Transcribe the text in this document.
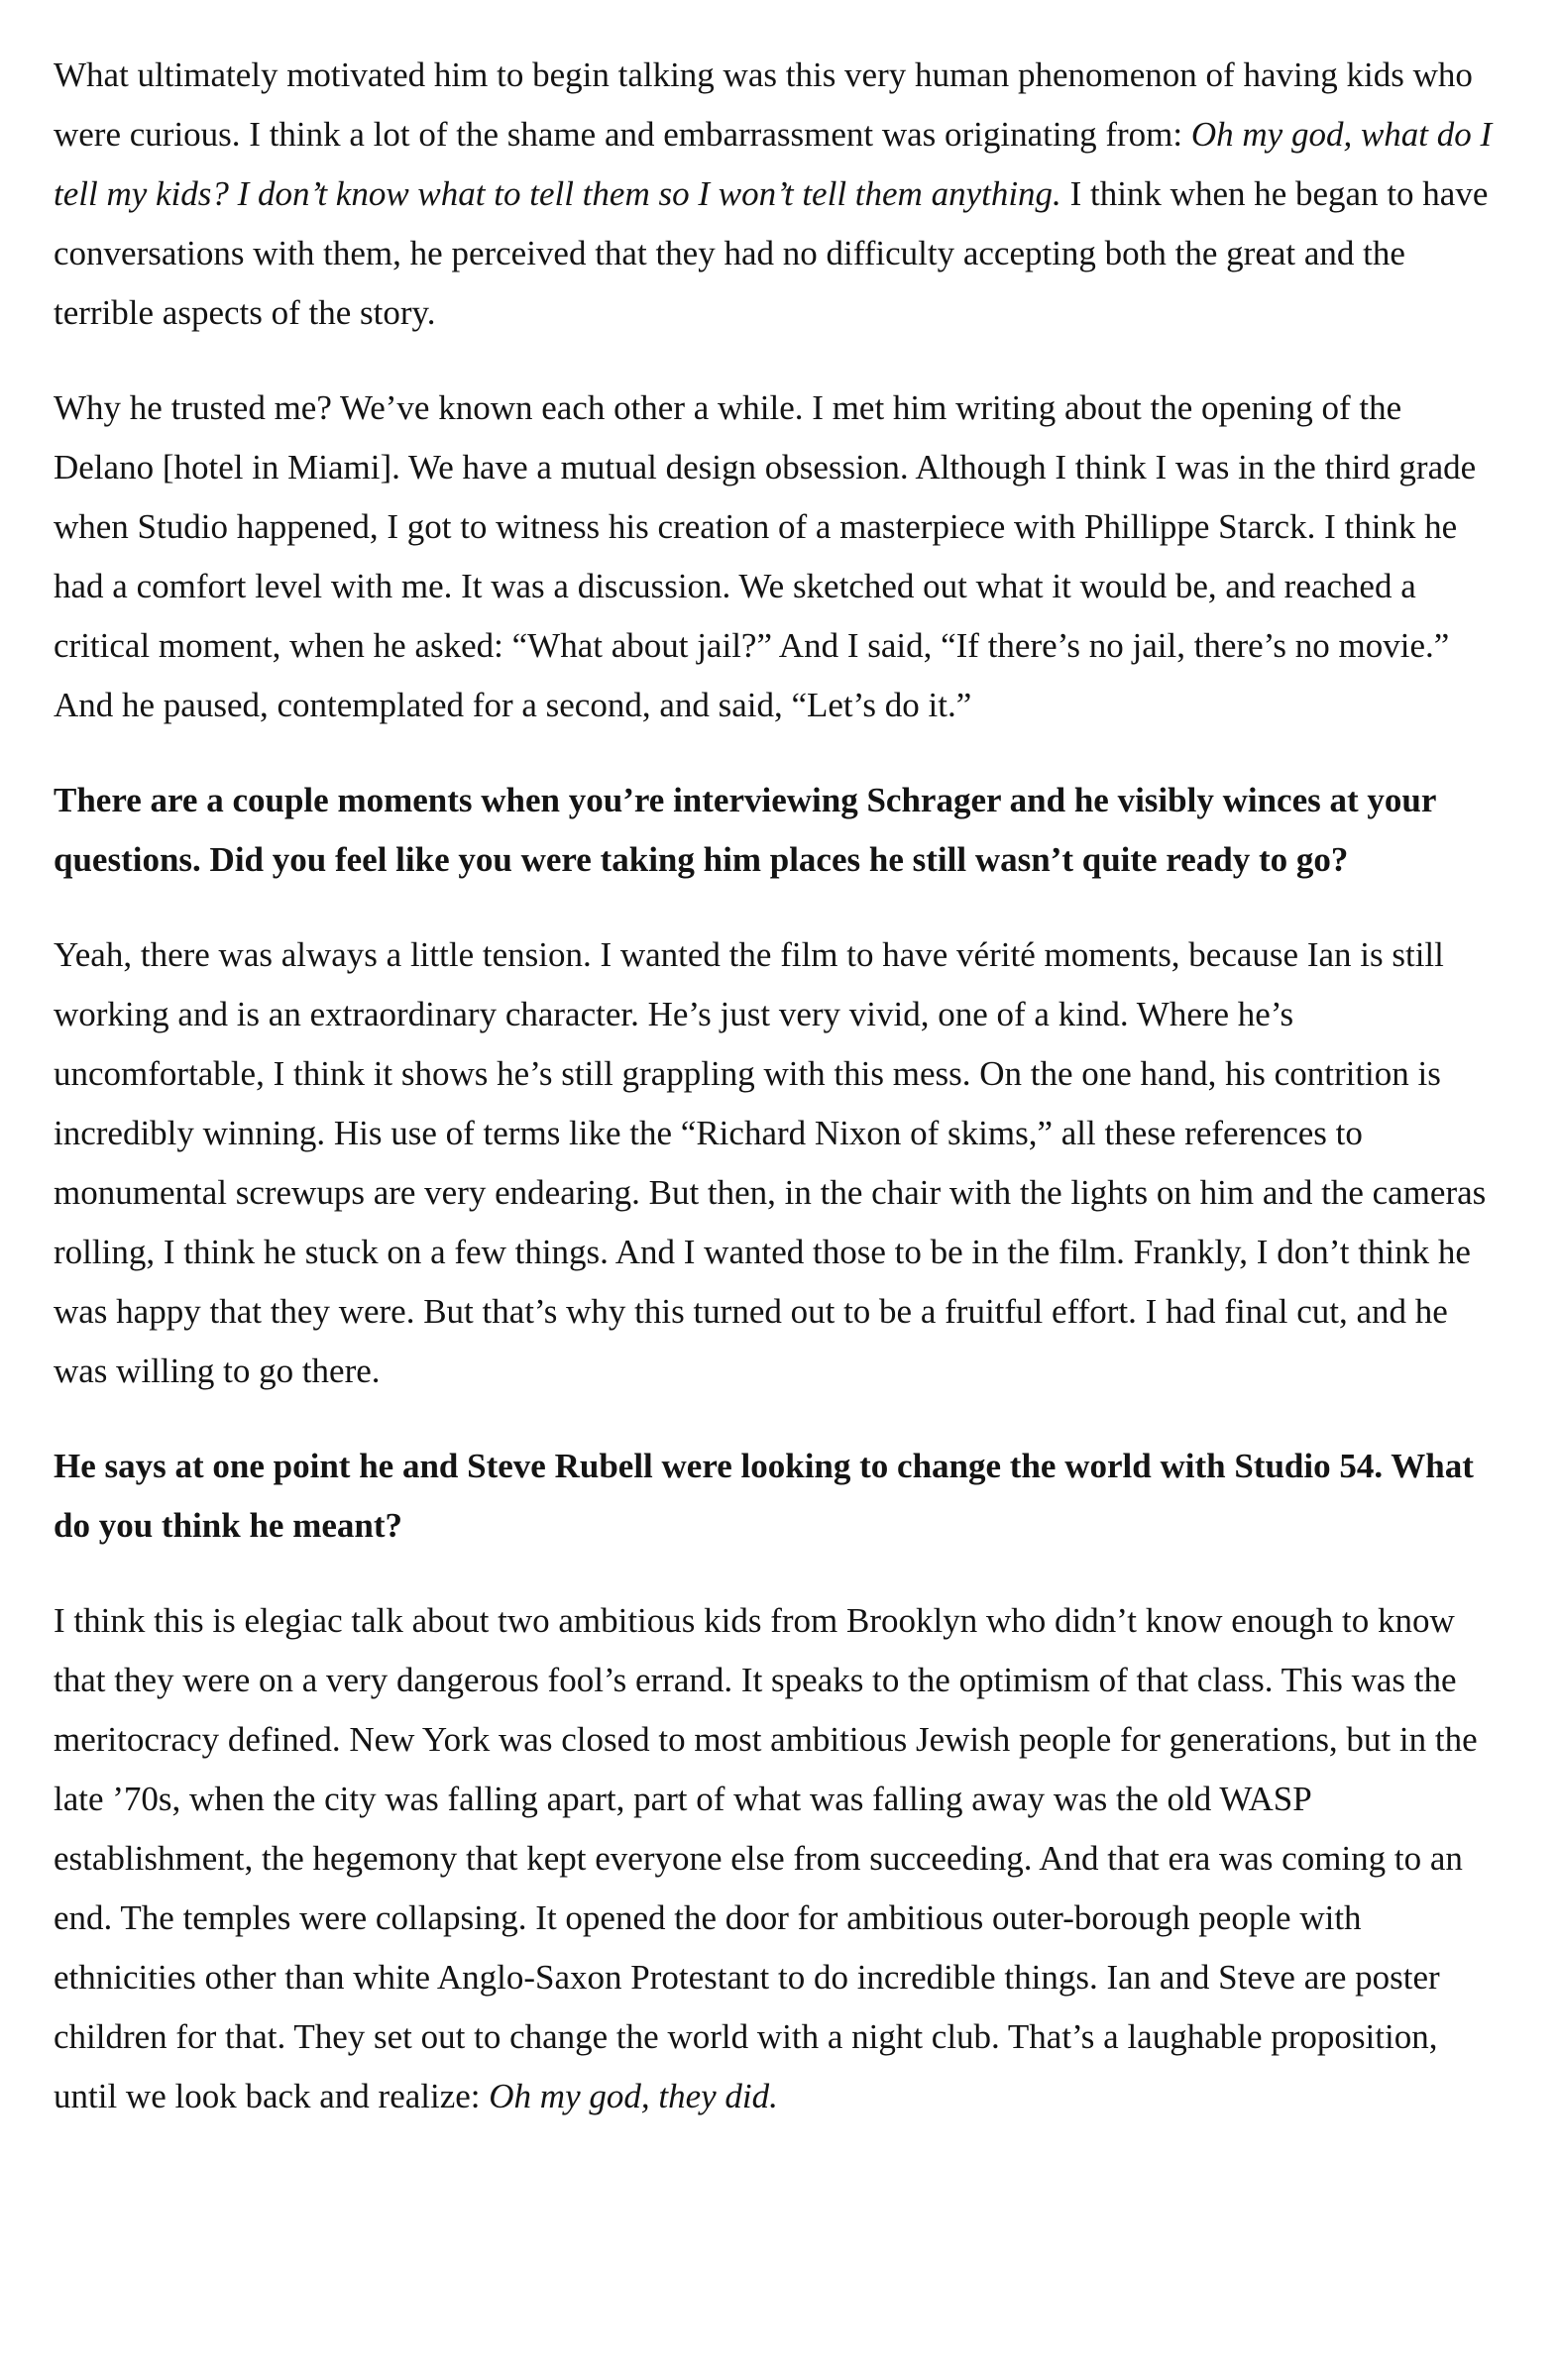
What ultimately motivated him to begin talking was this very human phenomenon of having kids who were curious. I think a lot of the shame and embarrassment was originating from: Oh my god, what do I tell my kids? I don’t know what to tell them so I won’t tell them anything. I think when he began to have conversations with them, he perceived that they had no difficulty accepting both the great and the terrible aspects of the story.

Why he trusted me? We’ve known each other a while. I met him writing about the opening of the Delano [hotel in Miami]. We have a mutual design obsession. Although I think I was in the third grade when Studio happened, I got to witness his creation of a masterpiece with Phillippe Starck. I think he had a comfort level with me. It was a discussion. We sketched out what it would be, and reached a critical moment, when he asked: “What about jail?” And I said, “If there’s no jail, there’s no movie.” And he paused, contemplated for a second, and said, “Let’s do it.”

There are a couple moments when you’re interviewing Schrager and he visibly winces at your questions. Did you feel like you were taking him places he still wasn’t quite ready to go?

Yeah, there was always a little tension. I wanted the film to have vérité moments, because Ian is still working and is an extraordinary character. He’s just very vivid, one of a kind. Where he’s uncomfortable, I think it shows he’s still grappling with this mess. On the one hand, his contrition is incredibly winning. His use of terms like the “Richard Nixon of skims,” all these references to monumental screwups are very endearing. But then, in the chair with the lights on him and the cameras rolling, I think he stuck on a few things. And I wanted those to be in the film. Frankly, I don’t think he was happy that they were. But that’s why this turned out to be a fruitful effort. I had final cut, and he was willing to go there.

He says at one point he and Steve Rubell were looking to change the world with Studio 54. What do you think he meant?

I think this is elegiac talk about two ambitious kids from Brooklyn who didn’t know enough to know that they were on a very dangerous fool’s errand. It speaks to the optimism of that class. This was the meritocracy defined. New York was closed to most ambitious Jewish people for generations, but in the late ’70s, when the city was falling apart, part of what was falling away was the old WASP establishment, the hegemony that kept everyone else from succeeding. And that era was coming to an end. The temples were collapsing. It opened the door for ambitious outer-borough people with ethnicities other than white Anglo-Saxon Protestant to do incredible things. Ian and Steve are poster children for that. They set out to change the world with a night club. That’s a laughable proposition, until we look back and realize: Oh my god, they did.
